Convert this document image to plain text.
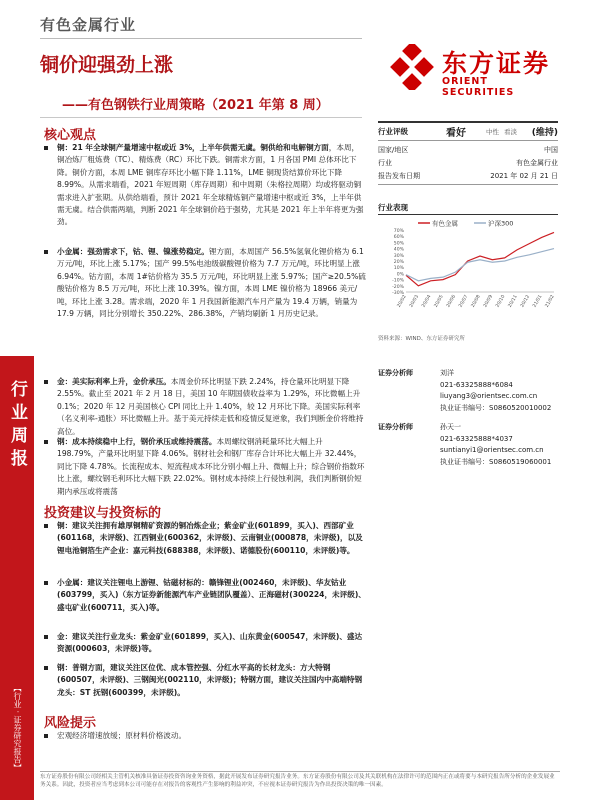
有色金属行业
东方证券
ORIENT SECURITIES
铜价迎强劲上涨
——有色钢铁行业周策略（2021 年第 8 周）
行业周报
【行业 · 证券研究报告】
核心观点
铜：21 年全球铜产量增速中枢或近 3%，上半年供需无虞。铜供给和电解铜方面，本周，铜冶炼厂粗炼费（TC）、精炼费（RC）环比下跌。铜需求方面，1 月各国 PMI 总体环比下降。铜价方面，本周 LME 铜库存环比小幅下降 1.11%，LME 铜现货结算价环比下降 8.99%。从需求端看，2021 年短周期（库存周期）和中周期（朱格拉周期）均或将驱动铜需求进入扩张期。从供给端看，预计 2021 年全球精炼铜产量增速中枢或近 3%，上半年供需无虞。结合供需两端，判断 2021 年全球铜价趋于强势，尤其是 2021 年上半年将更为强劲。
小金属：强劲需求下，钴、锂、镍涨势稳定。锂方面，本周国产 56.5%氢氧化锂价格为 6.1 万元/吨，环比上涨 5.17%；国产 99.5%电池级碳酸锂价格为 7.7 万元/吨，环比明显上涨 6.94%。钴方面，本周 1#钴价格为 35.5 万元/吨，环比明显上涨 5.97%；国产≥20.5%硫酸钴价格为 8.5 万元/吨，环比上涨 10.39%。镍方面，本周 LME 镍价格为 18966 美元/吨，环比上涨 3.28。需求端，2020 年 1 月我国新能源汽车月产量为 19.4 万辆，销量为 17.9 万辆，同比分别增长 350.22%、286.38%，产销均刷新 1 月历史记录。
金：美实际利率上升，金价承压。本周金价环比明显下跌 2.24%，持仓量环比明显下降 2.55%。截止至 2021 年 2 月 18 日，美国 10 年期国债收益率为 1.29%，环比微幅上升 0.1%；2020 年 12 月美国核心 CPI 同比上升 1.40%，较 12 月环比下降。美国实际利率（名义利率-通胀）环比微幅上升。基于美元持续走低和疫情反复逆象，我们判断金价将维持高位。
钢：成本持续稳中上行，钢价承压或维持震荡。本周螺纹钢消耗量环比大幅上升 198.79%，产量环比明显下降 4.06%。钢材社会和钢厂库存合计环比大幅上升 32.44%，同比下降 4.78%。长流程成本、短流程成本环比分别小幅上升、微幅上升；综合钢价指数环比上涨，螺纹钢毛利环比大幅下跌 22.02%。钢材成本持续上行侵蚀利润，我们判断钢价短期内承压或将震荡
投资建议与投资标的
铜：建议关注拥有雄厚铜精矿资源的铜冶炼企业；紫金矿业(601899，买入)、西部矿业(601168，未评级)、江西铜业(600362，未评级)、云南铜业(000878，未评级)，以及锂电池铜箔生产企业：嘉元科技(688388，未评级)、诺德股份(600110，未评级)等。
小金属：建议关注锂电上游锂、钴磁材标的：赣锋锂业(002460，未评级)、华友钴业(603799，买入)（东方证券新能源汽车产业链团队覆盖）、正海磁材(300224，未评级)、盛屯矿业(600711，买入)等。
金：建议关注行业龙头：紫金矿业(601899，买入)、山东黄金(600547，未评级)、盛达资源(000603，未评级)等。
钢：普钢方面，建议关注区位优、成本管控强、分红水平高的长材龙头：方大特钢(600507，未评级)、三钢闽光(002110，未评级)；特钢方面，建议关注国内中高端特钢龙头：ST 抚钢(600399，未评级)。
风险提示
宏观经济增速放缓；原材料价格波动。
行业评级	看好	中性 看淡 (维持)
国家/地区	中国
行业	有色金属行业
报告发布日期	2021 年 02 月 21 日
行业表现
有色金属	沪深300
70%
60%
50%
40%
30%
20%
10%
0%
-10%
-20%
-30%
20/02 20/03 20/04 20/05 20/06 20/07 20/08 20/09 20/10 20/11 20/12 21/01 21/02
资料来源：WIND、东方证券研究所
证券分析师	刘洋
021-63325888*6084
liuyang3@orientsec.com.cn
执业证书编号：S0860520010002
证券分析师	孙天一
021-63325888*4037
suntianyi1@orientsec.com.cn
执业证书编号：S0860519060001
东方证券股份有限公司经相关主管机关核准具备证券投资咨询业务资格，据此开展发布证券研究报告业务。东方证券股份有限公司及其关联机构在法律许可的范围内正在或将要与本研究报告所分析的企业发展业务关系。因此，投资者应当考虑到本公司可能存在对报告的客观性产生影响的利益冲突，不应视本证券研究报告为作出投资决策的唯一因素。
